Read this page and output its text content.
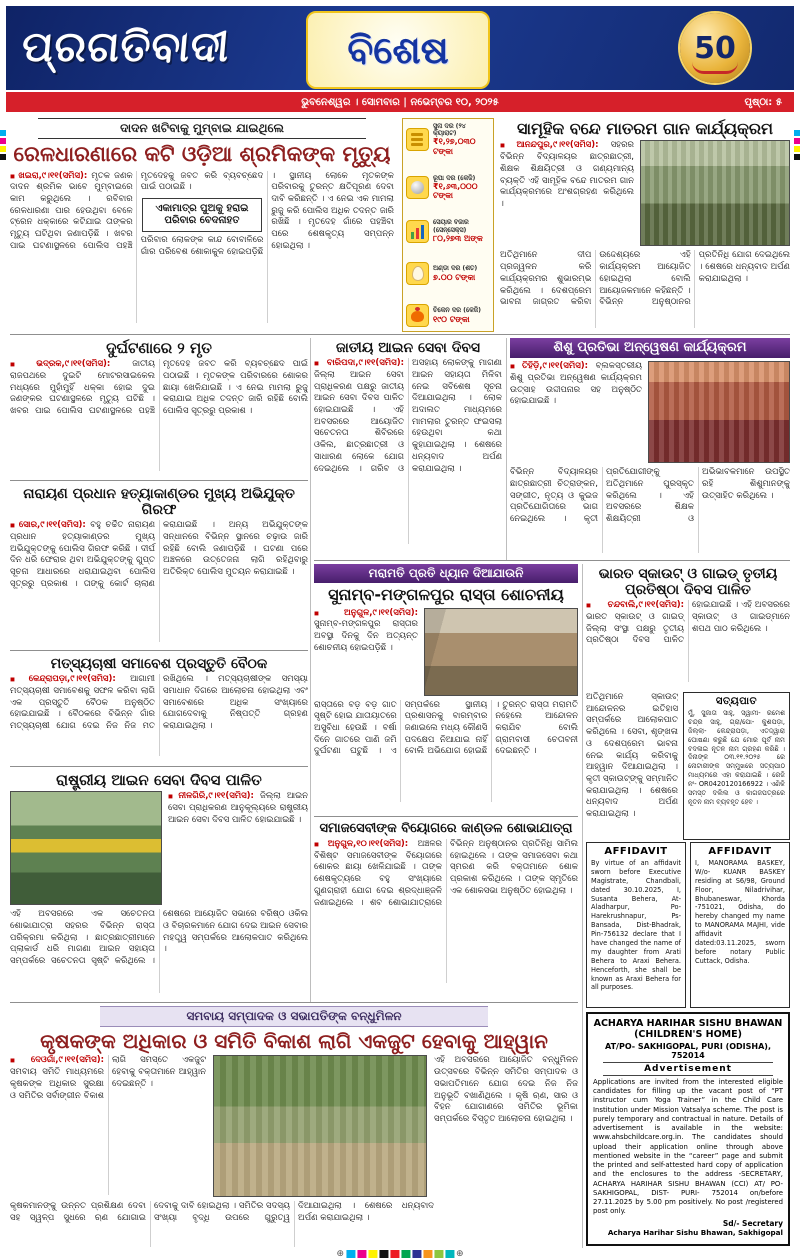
ପ୍ରଗତିବାଦୀ	ବିଶେଷ	50
ଭୁବନେଶ୍ୱର । ସୋମବାର | ନଭେମ୍ବର ୧୦, ୨୦୨୫	ପୃଷ୍ଠା: ୫
ଦାଦନ ଖଟିବାକୁ ମୁମ୍ବାଇ ଯାଇଥିଲେ
ରେଳଧାରଣାରେ କଟି ଓଡ଼ିଆ ଶ୍ରମିକଙ୍କ ମୃତ୍ୟୁ

◼ ଖଇରା,୯।୧୧(ସମିସ): ମୃତକ ଜଣକ ଦାଦନ ଶ୍ରମିକ ଭାବେ ମୁମ୍ବାଇରେ କାମ କରୁଥିଲେ । ରବିବାର ରେଳଧାରଣା ପାର ହେଉଥିବା ବେଳେ ଟ୍ରେନ ଧକ୍କାରେ କଟିଯାଇ ତାଙ୍କର ମୃତ୍ୟୁ ଘଟିଥିବା ଜଣାପଡ଼ିଛି । ଖବର ପାଇ ଘଟଣାସ୍ଥଳରେ ପୋଲିସ ପହଞ୍ଚି ମୃତଦେହକୁ ଜବତ କରି ବ୍ୟବଚ୍ଛେଦ ପାଇଁ ପଠାଇଛି ।

ଏକାମାତ୍ର ପୁଅକୁ ହରାଇ ପରିବାର ବେଦନାହତ

ପରିବାର ଲୋକଙ୍କ କାନ୍ଦ ବୋବାଳିରେ ଗାଁର ପରିବେଶ ଶୋକାକୁଳ ହୋଇପଡ଼ିଛି । ସ୍ଥାନୀୟ ଲୋକେ ମୃତକଙ୍କ ପରିବାରକୁ ତୁରନ୍ତ କ୍ଷତିପୂରଣ ଦେବା ଦାବି କରିଛନ୍ତି । ଏ ନେଇ ଏକ ମାମଲା ରୁଜୁ କରି ପୋଲିସ ଅଧିକ ତଦନ୍ତ ଜାରି ରଖିଛି । ମୃତଦେହ ଗାଁରେ ପହଞ୍ଚିବା ପରେ ଶେଷକୃତ୍ୟ ସମ୍ପନ୍ନ ହୋଇଥିଲା ।

ସୁନା ଦର (୨୪ କ୍ୟାରାଟ)
₹୧,୨୭,୦୩୦ ଟଙ୍କା
ରୂପା ଦର (କେଜି)
₹୧,୬୩,୦୦୦ ଟଙ୍କା
ସେୟାର ବଜାର (ସେନ୍ସେକ୍ସ)
୮୦,୨୭୩ ଅଙ୍କ
ଅଣ୍ଡା ଦର (ଶତ)
୭.୦୦ ଟଙ୍କା
ଚିକେନ ଦର (କେଜି)
୧୯୦ ଟଙ୍କା
ସାମୂହିକ ବନ୍ଦେ ମାତରମ ଗାନ କାର୍ଯ୍ୟକ୍ରମ

◼ ଆନନ୍ଦପୁର,୯।୧୧(ସମିସ): ସହରର ବିଭିନ୍ନ ବିଦ୍ୟାଳୟର ଛାତ୍ରଛାତ୍ରୀ, ଶିକ୍ଷକ ଶିକ୍ଷୟିତ୍ରୀ ଓ ଗଣ୍ୟମାନ୍ୟ ବ୍ୟକ୍ତି ଏହି ସାମୂହିକ ବନ୍ଦେ ମାତରମ ଗାନ କାର୍ଯ୍ୟକ୍ରମରେ ଅଂଶଗ୍ରହଣ କରିଥିଲେ ।

ଅତିଥିମାନେ ଦୀପ ପ୍ରଜ୍ୱଳନ କରି କାର୍ଯ୍ୟକ୍ରମର ଶୁଭାରମ୍ଭ କରିଥିଲେ । ଦେଶପ୍ରେମ ଭାବନା ଜାଗ୍ରତ କରିବା ଉଦ୍ଦେଶ୍ୟରେ ଏହି କାର୍ଯ୍ୟକ୍ରମ ଆୟୋଜିତ ହୋଇଥିଲା ବୋଲି ଆୟୋଜକମାନେ କହିଛନ୍ତି । ବିଭିନ୍ନ ଅନୁଷ୍ଠାନର ପ୍ରତିନିଧି ଯୋଗ ଦେଇଥିଲେ । ଶେଷରେ ଧନ୍ୟବାଦ ଅର୍ପଣ କରାଯାଇଥିଲା ।

ଦୁର୍ଘଟଣାରେ ୨ ମୃତ

◼ ଭଦ୍ରକ,୯।୧୧(ସମିସ):	ଜାତୀୟ ରାଜପଥରେ ଦୁଇଟି ମୋଟରସାଇକେଲ ମଧ୍ୟରେ ମୁହାଁମୁହିଁ ଧକ୍କା ହୋଇ ଦୁଇ ଜଣଙ୍କର ଘଟଣାସ୍ଥଳରେ ମୃତ୍ୟୁ ଘଟିଛି । ଖବର ପାଇ ପୋଲିସ ଘଟଣାସ୍ଥଳରେ ପହଞ୍ଚି ମୃତଦେହ ଜବତ କରି ବ୍ୟବଚ୍ଛେଦ ପାଇଁ ପଠାଇଛି । ମୃତକଙ୍କ ପରିବାରରେ ଶୋକର ଛାୟା ଖେଳିଯାଇଛି । ଏ ନେଇ ମାମଲା ରୁଜୁ କରାଯାଇ ଅଧିକ ତଦନ୍ତ ଜାରି ରହିଛି ବୋଲି ପୋଲିସ ସୂତ୍ରରୁ ପ୍ରକାଶ ।

ନାରାୟଣ ପ୍ରଧାନ ହତ୍ୟାକାଣ୍ଡର ମୁଖ୍ୟ ଅଭିଯୁକ୍ତ ଗିରଫ

◼ ସୋର,୯।୧୧(ସମିସ): ବହୁ ଚର୍ଚ୍ଚିତ ନାରାୟଣ ପ୍ରଧାନ ହତ୍ୟାକାଣ୍ଡର ମୁଖ୍ୟ ଅଭିଯୁକ୍ତଙ୍କୁ ପୋଲିସ ଗିରଫ କରିଛି । ଦୀର୍ଘ ଦିନ ଧରି ଫେରାର ଥିବା ଅଭିଯୁକ୍ତଙ୍କୁ ଗୁପ୍ତ ସୂଚନା ଆଧାରରେ ଧରାଯାଇଥିବା ପୋଲିସ ସୂତ୍ରରୁ ପ୍ରକାଶ । ତାଙ୍କୁ କୋର୍ଟ ଚାଲାଣ କରାଯାଇଛି । ଅନ୍ୟ ଅଭିଯୁକ୍ତଙ୍କ ସନ୍ଧାନରେ ବିଭିନ୍ନ ସ୍ଥାନରେ ଚଢ଼ାଉ ଜାରି ରହିଛି ବୋଲି ଜଣାପଡ଼ିଛି । ଘଟଣା ପରେ ଅଞ୍ଚଳରେ ଉତ୍ତେଜନା ଲାଗି ରହିଥିବାରୁ ଅତିରିକ୍ତ ପୋଲିସ ମୁତୟନ କରାଯାଇଛି ।

ମତ୍ସ୍ୟଚାଷୀ ସମାବେଶ ପ୍ରସ୍ତୁତି ବୈଠକ

◼ କେନ୍ଦ୍ରାପଡ଼ା,୯।୧୧(ସମିସ): ଆଗାମୀ ମତ୍ସ୍ୟଚାଷୀ ସମାବେଶକୁ ସଫଳ କରିବା ଲାଗି ଏକ ପ୍ରସ୍ତୁତି ବୈଠକ ଅନୁଷ୍ଠିତ ହୋଇଯାଇଛି । ବୈଠକରେ ବିଭିନ୍ନ ଗାଁର ମତ୍ସ୍ୟଚାଷୀ ଯୋଗ ଦେଇ ନିଜ ନିଜ ମତ ରଖିଥିଲେ । ମତ୍ସ୍ୟଚାଷୀଙ୍କ ସମସ୍ୟା ସମାଧାନ ଦିଗରେ ଆଲୋଚନା ହୋଇଥିଲା ଏବଂ ସମାବେଶରେ ଅଧିକ ସଂଖ୍ୟାରେ ଯୋଗଦେବାକୁ ନିଷ୍ପତ୍ତି ଗ୍ରହଣ କରାଯାଇଥିଲା ।

ରାଷ୍ଟ୍ରୀୟ ଆଇନ ସେବା ଦିବସ ପାଳିତ

◼ ନୀଳଗିରି,୯।୧୧(ସମିସ): ଜିଲ୍ଲା ଆଇନ ସେବା ପ୍ରାଧିକରଣ ଆନୁକୂଲ୍ୟରେ ରାଷ୍ଟ୍ରୀୟ ଆଇନ ସେବା ଦିବସ ପାଳିତ ହୋଇଯାଇଛି ।

ଏହି ଅବସରରେ ଏକ ସଚେତନତା ଶୋଭାଯାତ୍ରା ସହରର ବିଭିନ୍ନ ରାସ୍ତା ପରିକ୍ରମା କରିଥିଲା । ଛାତ୍ରଛାତ୍ରୀମାନେ ପ୍ଲାକାର୍ଡ ଧରି ମାଗଣା ଆଇନ ସହାୟତା ସମ୍ପର୍କରେ ସଚେତନତା ସୃଷ୍ଟି କରିଥିଲେ । ଶେଷରେ ଆୟୋଜିତ ସଭାରେ ବରିଷ୍ଠ ଓକିଲ ଓ ବିଚାରକମାନେ ଯୋଗ ଦେଇ ଆଇନ ସେବାର ମହତ୍ତ୍ୱ ସମ୍ପର୍କରେ ଆଲୋକପାତ କରିଥିଲେ ।

ଜାତୀୟ ଆଇନ ସେବା ଦିବସ

◼ ବାରିପଦା,୯।୧୧(ସମିସ): ଜିଲ୍ଲା ଆଇନ ସେବା ପ୍ରାଧିକରଣ ପକ୍ଷରୁ ଜାତୀୟ ଆଇନ ସେବା ଦିବସ ପାଳିତ ହୋଇଯାଇଛି । ଏହି ଅବସରରେ ଆୟୋଜିତ ସଚେତନତା ଶିବିରରେ ଓକିଲ, ଛାତ୍ରଛାତ୍ରୀ ଓ ସାଧାରଣ ଲୋକେ ଯୋଗ ଦେଇଥିଲେ । ଗରିବ ଓ ଅସହାୟ ଲୋକଙ୍କୁ ମାଗଣା ଆଇନ ସହାୟତା ମିଳିବା ନେଇ ସବିଶେଷ ସୂଚନା ଦିଆଯାଇଥିଲା । ଲୋକ ଅଦାଲତ ମାଧ୍ୟମରେ ମାମଲାର ତୁରନ୍ତ ଫଇସଲା ହେଉଥିବା କଥା କୁହାଯାଇଥିଲା । ଶେଷରେ ଧନ୍ୟବାଦ ଅର୍ପଣ କରାଯାଇଥିଲା ।

ଶିଶୁ ପ୍ରତିଭା ଅନ୍ୱେଷଣ କାର୍ଯ୍ୟକ୍ରମ

◼ ତିହିଡ଼ି,୯।୧୧(ସମିସ): ବ୍ଲକସ୍ତରୀୟ ଶିଶୁ ପ୍ରତିଭା ଅନ୍ୱେଷଣ କାର୍ଯ୍ୟକ୍ରମ ଉତ୍ସାହ ଉଦ୍ଦୀପନାର ସହ ଅନୁଷ୍ଠିତ ହୋଇଯାଇଛି ।

ବିଭିନ୍ନ ବିଦ୍ୟାଳୟର ଛାତ୍ରଛାତ୍ରୀ ଚିତ୍ରାଙ୍କନ, ସଙ୍ଗୀତ, ନୃତ୍ୟ ଓ କୁଇଜ ପ୍ରତିଯୋଗିତାରେ ଭାଗ ନେଇଥିଲେ । କୃତୀ ପ୍ରତିଯୋଗୀଙ୍କୁ ଅତିଥିମାନେ ପୁରସ୍କୃତ କରିଥିଲେ । ଏହି ଅବସରରେ ଶିକ୍ଷକ ଶିକ୍ଷୟିତ୍ରୀ ଓ ଅଭିଭାବକମାନେ ଉପସ୍ଥିତ ରହି ଶିଶୁମାନଙ୍କୁ ଉତ୍ସାହିତ କରିଥିଲେ ।

ମରାମତି ପ୍ରତି ଧ୍ୟାନ ଦିଆଯାଉନି
ସୁନାମ୍ବ-ମଙ୍ଗଳପୁର ରାସ୍ତା ଶୋଚନୀୟ

◼ ଅନୁଗୁଳ,୯।୧୧(ସମିସ): ସୁନାମ୍ବ-ମଙ୍ଗଳପୁର ରାସ୍ତାର ଅବସ୍ଥା ଦିନକୁ ଦିନ ଅତ୍ୟନ୍ତ ଶୋଚନୀୟ ହୋଇପଡ଼ିଛି ।

ରାସ୍ତାରେ ବଡ଼ ବଡ଼ ଗାତ ସୃଷ୍ଟି ହୋଇ ଯାତାୟାତରେ ଅସୁବିଧା ହେଉଛି । ବର୍ଷା ଦିନେ ଗାତରେ ପାଣି ଜମି ଦୁର୍ଘଟଣା ଘଟୁଛି । ଏ ସମ୍ପର୍କରେ ସ୍ଥାନୀୟ ପ୍ରଶାସନକୁ ବାରମ୍ବାର ଜଣାଇଲେ ମଧ୍ୟ କୌଣସି ପଦକ୍ଷେପ ନିଆଯାଇ ନାହିଁ ବୋଲି ଅଭିଯୋଗ ହୋଇଛି । ତୁରନ୍ତ ରାସ୍ତା ମରାମତି ନହେଲେ ଆନ୍ଦୋଳନ କରାଯିବ ବୋଲି ଗ୍ରାମବାସୀ ଚେତାବନୀ ଦେଇଛନ୍ତି ।

ସମାଜସେବୀଙ୍କ ବିୟୋଗରେ କାଣ୍ଡଳ ଶୋଭାଯାତ୍ରା

◼ ଅନୁଗୁଳ,୧୦।୧୧(ସମିସ): ଅଞ୍ଚଳର ବିଶିଷ୍ଟ ସମାଜସେବୀଙ୍କ ବିୟୋଗରେ ଶୋକର ଛାୟା ଖେଳିଯାଇଛି । ତାଙ୍କ ଶେଷକୃତ୍ୟରେ ବହୁ ସଂଖ୍ୟାରେ ଗୁଣଗ୍ରାହୀ ଯୋଗ ଦେଇ ଶ୍ରଦ୍ଧାଞ୍ଜଳି ଜଣାଇଥିଲେ । ଶବ ଶୋଭାଯାତ୍ରାରେ ବିଭିନ୍ନ ଅନୁଷ୍ଠାନର ପ୍ରତିନିଧି ସାମିଲ ହୋଇଥିଲେ । ତାଙ୍କ ସମାଜସେବା କଥା ସ୍ମରଣ କରି ବକ୍ତାମାନେ ଶୋକ ପ୍ରକାଶ କରିଥିଲେ । ତାଙ୍କ ସ୍ମୃତିରେ ଏକ ଶୋକସଭା ଅନୁଷ୍ଠିତ ହୋଇଥିଲା ।

ଭାରତ ସ୍କାଉଟ୍ ଓ ଗାଇଡ୍ ତୃତୀୟ ପ୍ରତିଷ୍ଠା ଦିବସ ପାଳିତ

◼ ଚନ୍ଦବାଲି,୯।୧୧(ସମିସ): ଭାରତ ସ୍କାଉଟ୍ ଓ ଗାଇଡ୍ ଜିଲ୍ଲା ସଂସ୍ଥା ପକ୍ଷରୁ ତୃତୀୟ ପ୍ରତିଷ୍ଠା ଦିବସ ପାଳିତ ହୋଇଯାଇଛି । ଏହି ଅବସରରେ ସ୍କାଉଟ୍ ଓ ଗାଇଡ୍‌ମାନେ ଶପଥ ପାଠ କରିଥିଲେ ।

ଅତିଥିମାନେ ସ୍କାଉଟ୍ ଆନ୍ଦୋଳନର ଇତିହାସ ସମ୍ପର୍କରେ ଆଲୋକପାତ କରିଥିଲେ । ସେବା, ଶୃଙ୍ଖଳା ଓ ଦେଶପ୍ରେମ ଭାବନା ନେଇ କାର୍ଯ୍ୟ କରିବାକୁ ଆହ୍ୱାନ ଦିଆଯାଇଥିଲା । କୃତୀ ସ୍କାଉଟ୍‌ଙ୍କୁ ସମ୍ମାନିତ କରାଯାଇଥିଲା । ଶେଷରେ ଧନ୍ୟବାଦ ଅର୍ପଣ କରାଯାଇଥିଲା ।

ସତ୍ୟପାତ
ମୁଁ, ସୁଜାତା ସାହୁ, ସ୍ୱାମୀ- ରମେଶ ଚନ୍ଦ୍ର ସାହୁ, ଗ୍ରା/ପୋ- କୁଶପଡ଼ା, ଜିଲ୍ଲା- କେନ୍ଦ୍ରାପଡ଼ା, ଏତଦ୍ଦ୍ୱାରା ଘୋଷଣା କରୁଛି ଯେ ମୋର ପୂର୍ବ ନାମ ବଦଳାଇ ନୂତନ ନାମ ଗ୍ରହଣ କରିଛି । ଦିନାଙ୍କ ୦୩.୧୧.୨୦୨୫ ରେ ନୋଟାରୀଙ୍କ ସମ୍ମୁଖରେ ସତ୍ୟପାଠ ମାଧ୍ୟମରେ ଏହା କରାଯାଇଛି । ରେଜି ନଂ- OR0420120166922 । ଏଣିକି ସମସ୍ତ ଦଲିଲ ଓ କାଗଜପତ୍ରରେ ନୂତନ ନାମ ବ୍ୟବହୃତ ହେବ ।
AFFIDAVIT
By virtue of an affidavit sworn before Executive Magistrate, Chandbali, dated 30.10.2025, I, Susanta Behera, At-Aladharpur, Po-Harekrushnapur, Ps-Bansada, Dist-Bhadrak, Pin-756132 declare that I have changed the name of my daughter from Arati Behera to Araxi Behera. Henceforth, she shall be known as Araxi Behera for all purposes.
AFFIDAVIT
I, MANORAMA BASKEY, W/o- KUANR BASKEY residing at S6/98, Ground Floor, Niladrivihar, Bhubaneswar, Khorda -751021, Odisha, do hereby changed my name to MANORAMA MAJHI, vide affidavit dated:03.11.2025, sworn before notary Public Cuttack, Odisha.

ACHARYA HARIHAR SISHU BHAWAN (CHILDREN'S HOME)

AT/PO- SAKHIGOPAL, PURI (ODISHA), 752014

Advertisement
Applications are invited from the interested eligible candidates for filling up the vacant post of “PT instructor cum Yoga Trainer” in the Child Care Institution under Mission Vatsalya scheme. The post is purely temporary and contractual in nature. Details of advertisement is available in the website: www.ahsbchildcare.org.in. The candidates should upload their application online through above mentioned website in the “career” page and submit the printed and self-attested hard copy of application and the enclosures to the address -SECRETARY, ACHARYA HARIHAR SISHU BHAWAN (CCI) AT/ PO- SAKHIGOPAL, DIST- PURI- 752014 on/before 27.11.2025 by 5.00 pm positively. No post /registered post only.
Sd/- Secretary
Acharya Harihar Sishu Bhawan, Sakhigopal
ସମବାୟ ସମ୍ପାଦକ ଓ ସଭାପତିଙ୍କ ବନ୍ଧୁମିଳନ
କୃଷକଙ୍କ ଅଧିକାର ଓ ସମିତି ବିକାଶ ଲାଗି ଏକଜୁଟ ହେବାକୁ ଆହ୍ୱାନ

◼ ଦେଓଗାଁ,୯।୧୧(ସମିସ): ସମବାୟ ସମିତି ମାଧ୍ୟମରେ କୃଷକଙ୍କ ଅଧିକାର ସୁରକ୍ଷା ଓ ସମିତିର ସର୍ବାଙ୍ଗୀନ ବିକାଶ ଲାଗି ସମସ୍ତେ ଏକଜୁଟ ହେବାକୁ ବକ୍ତାମାନେ ଆହ୍ୱାନ ଦେଇଛନ୍ତି ।

ଏହି ଅବସରରେ ଆୟୋଜିତ ବନ୍ଧୁମିଳନ ଉତ୍ସବରେ ବିଭିନ୍ନ ସମିତିର ସମ୍ପାଦକ ଓ ସଭାପତିମାନେ ଯୋଗ ଦେଇ ନିଜ ନିଜ ଅନୁଭୂତି ବଖାଣିଥିଲେ । କୃଷି ଋଣ, ସାର ଓ ବିହନ ଯୋଗାଣରେ ସମିତିର ଭୂମିକା ସମ୍ପର୍କରେ ବିସ୍ତୃତ ଆଲୋଚନା ହୋଇଥିଲା ।

କୃଷକମାନଙ୍କୁ ଉନ୍ନତ ପ୍ରଶିକ୍ଷଣ ଦେବା ସହ ସ୍ୱଳ୍ପ ସୁଧରେ ଋଣ ଯୋଗାଇ ଦେବାକୁ ଦାବି ହୋଇଥିଲା । ସମିତିର ସଦସ୍ୟ ସଂଖ୍ୟା ବୃଦ୍ଧି ଉପରେ ଗୁରୁତ୍ୱ ଦିଆଯାଇଥିଲା । ଶେଷରେ ଧନ୍ୟବାଦ ଅର୍ପଣ କରାଯାଇଥିଲା ।

⊕	⊕
